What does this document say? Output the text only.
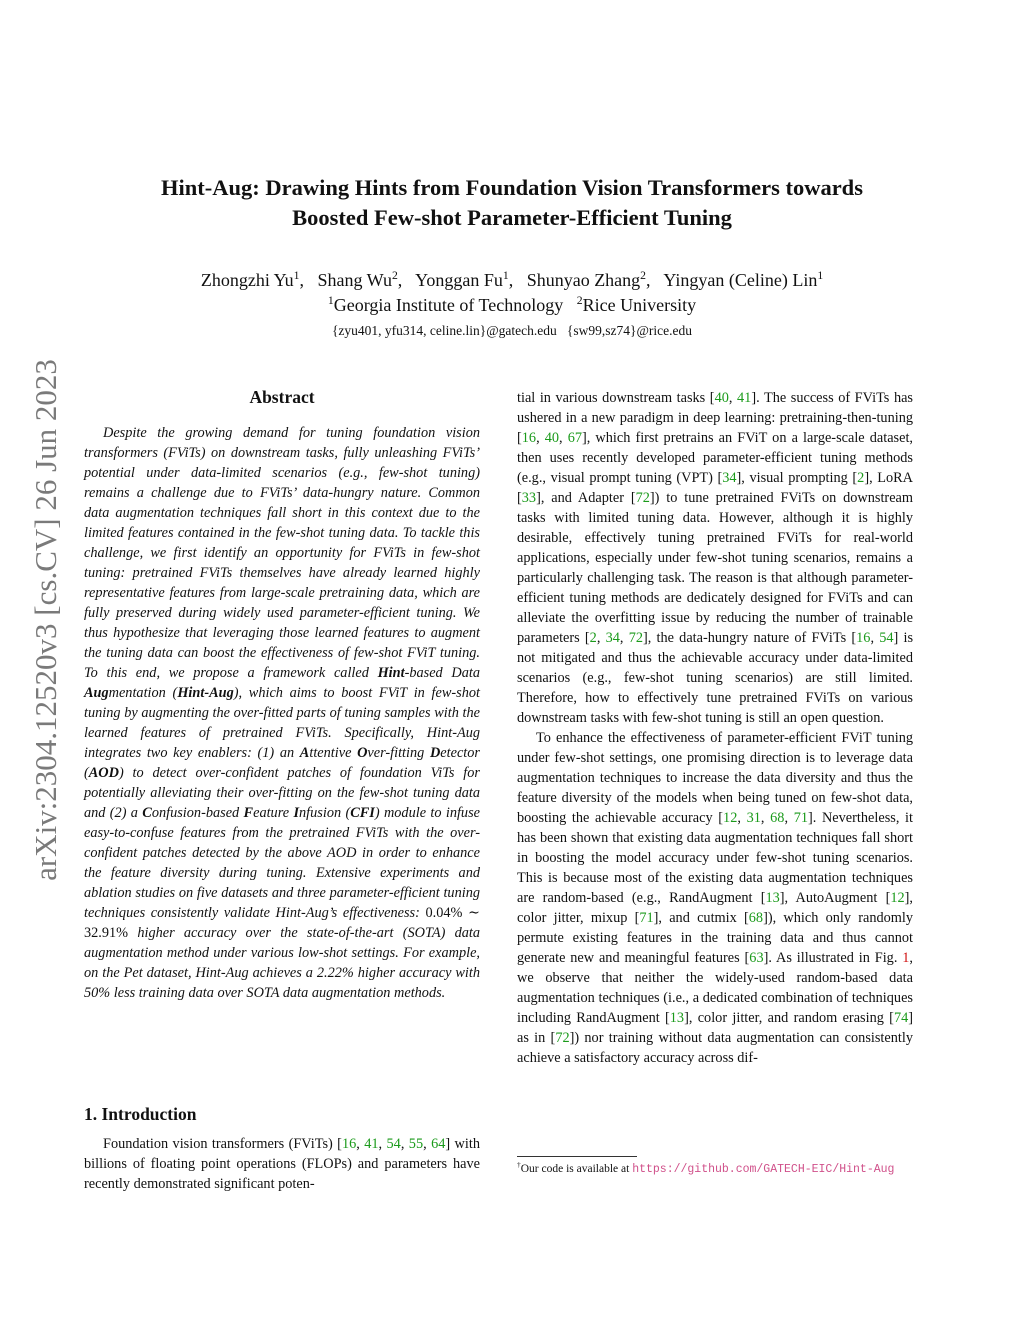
arXiv:2304.12520v3 [cs.CV] 26 Jun 2023
Hint-Aug: Drawing Hints from Foundation Vision Transformers towards
Boosted Few-shot Parameter-Efficient Tuning
Zhongzhi Yu$^1$,   Shang Wu$^2$,   Yonggan Fu$^1$,   Shunyao Zhang$^2$,   Yingyan (Celine) Lin$^1$
$^1$Georgia Institute of Technology $^2$Rice University
{zyu401, yfu314, celine.lin}@gatech.edu   {sw99,sz74}@rice.edu
Abstract

Despite the growing demand for tuning foundation vision transformers (FViTs) on downstream tasks, fully unleashing FViTs’ potential under data-limited scenarios (e.g., few-shot tuning) remains a challenge due to FViTs’ data-hungry nature. Common data augmentation techniques fall short in this context due to the limited features contained in the few-shot tuning data. To tackle this challenge, we first identify an opportunity for FViTs in few-shot tuning: pretrained FViTs themselves have already learned highly representative features from large-scale pretraining data, which are fully preserved during widely used parameter-efficient tuning. We thus hypothesize that leveraging those learned features to augment the tuning data can boost the effectiveness of few-shot FViT tuning. To this end, we propose a framework called Hint-based Data Augmentation (Hint-Aug), which aims to boost FViT in few-shot tuning by augmenting the over-fitted parts of tuning samples with the learned features of pretrained FViTs. Specifically, Hint-Aug integrates two key enablers: (1) an Attentive Over-fitting Detector (AOD) to detect over-confident patches of foundation ViTs for potentially alleviating their over-fitting on the few-shot tuning data and (2) a Confusion-based Feature Infusion (CFI) module to infuse easy-to-confuse features from the pretrained FViTs with the over-confident patches detected by the above AOD in order to enhance the feature diversity during tuning. Extensive experiments and ablation studies on five datasets and three parameter-efficient tuning techniques consistently validate Hint-Aug’s effectiveness: 0.04% ∼ 32.91% higher accuracy over the state-of-the-art (SOTA) data augmentation method under various low-shot settings. For example, on the Pet dataset, Hint-Aug achieves a 2.22% higher accuracy with 50% less training data over SOTA data augmentation methods.

1. Introduction

Foundation vision transformers (FViTs) [16, 41, 54, 55, 64] with billions of floating point operations (FLOPs) and parameters have recently demonstrated significant poten-

tial in various downstream tasks [40, 41]. The success of FViTs has ushered in a new paradigm in deep learning: pretraining-then-tuning [16, 40, 67], which first pretrains an FViT on a large-scale dataset, then uses recently developed parameter-efficient tuning methods (e.g., visual prompt tuning (VPT) [34], visual prompting [2], LoRA [33], and Adapter [72]) to tune pretrained FViTs on downstream tasks with limited tuning data. However, although it is highly desirable, effectively tuning pretrained FViTs for real-world applications, especially under few-shot tuning scenarios, remains a particularly challenging task. The reason is that although parameter-efficient tuning methods are dedicately designed for FViTs and can alleviate the overfitting issue by reducing the number of trainable parameters [2, 34, 72], the data-hungry nature of FViTs [16, 54] is not mitigated and thus the achievable accuracy under data-limited scenarios (e.g., few-shot tuning scenarios) are still limited. Therefore, how to effectively tune pretrained FViTs on various downstream tasks with few-shot tuning is still an open question.

To enhance the effectiveness of parameter-efficient FViT tuning under few-shot settings, one promising direction is to leverage data augmentation techniques to increase the data diversity and thus the feature diversity of the models when being tuned on few-shot data, boosting the achievable accuracy [12, 31, 68, 71]. Nevertheless, it has been shown that existing data augmentation techniques fall short in boosting the model accuracy under few-shot tuning scenarios. This is because most of the existing data augmentation techniques are random-based (e.g., RandAugment [13], AutoAugment [12], color jitter, mixup [71], and cutmix [68]), which only randomly permute existing features in the training data and thus cannot generate new and meaningful features [63]. As illustrated in Fig. 1, we observe that neither the widely-used random-based data augmentation techniques (i.e., a dedicated combination of techniques including RandAugment [13], color jitter, and random erasing [74] as in [72]) nor training without data augmentation can consistently achieve a satisfactory accuracy across dif-

†Our code is available at https://github.com/GATECH-EIC/Hint-Aug
